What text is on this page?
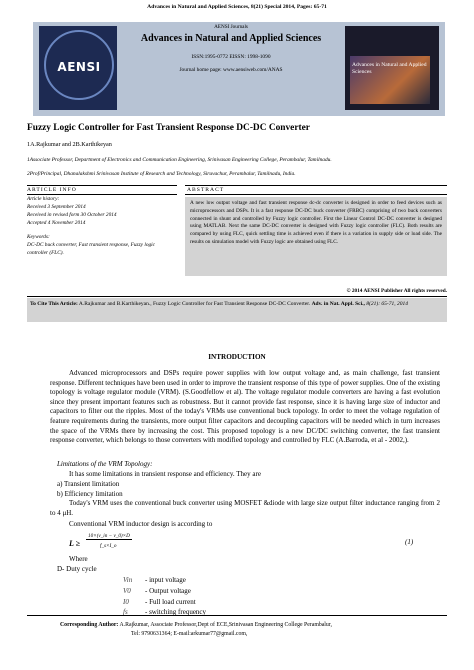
Advances in Natural and Applied Sciences, 8(21) Special 2014, Pages: 65-71
AENSI	Advances in Natural and Applied Sciences
AENSI Journals
Advances in Natural and Applied Sciences
ISSN:1995-0772 EISSN: 1998-1090
Journal home page: www.aensiweb.com/ANAS
Fuzzy Logic Controller for Fast Transient Response DC-DC Converter
1A.Rajkumar and 2B.Karthikeyan
1Associate Professor, Department of Electronics and Communication Engineering, Srinivasan Engineering College, Perambalur, Tamilnadu.
2Prof/Principal, Dhanalakshmi Srinivasan Institute of Research and Technology, Siruvachur, Perambalur, Tamilnadu, India.
ARTICLE INFO
Article history:
Received 3 September 2014
Received in revised form 30 October 2014
Accepted 4 November 2014
Keywords:
DC-DC buck converter, Fast transient response, Fuzzy logic controller (FLC).
ABSTRACT
A new low output voltage and fast transient response dc-dc converter is designed in order to feed devices such as microprocessors and DSPs. It is a fast response DC-DC buck converter (FRBC) comprising of two buck converters connected in shunt and controlled by Fuzzy logic controller. First the Linear Control DC-DC converter is designed using MATLAB. Next the same DC-DC converter is designed with Fuzzy logic controller (FLC). Both results are compared by using FLC, quick settling time is achieved even if there is a variation in supply side or load side. The results on simulation model with Fuzzy logic are obtained using FLC.
© 2014 AENSI Publisher All rights reserved.
To Cite This Article: A.Rajkumar and B.Karthikeyan., Fuzzy Logic Controller for Fast Transient Response DC-DC Converter. Adv. in Nat. Appl. Sci., 8(21): 65-71, 2014
INTRODUCTION
Advanced microprocessors and DSPs require power supplies with low output voltage and, as main challenge, fast transient response. Different techniques have been used in order to improve the transient response of this type of power supplies. One of the existing topology is voltage regulator module (VRM). (S.Goodfellow et al). The voltage regulator module converters are having a fast evolution since they present important features such as robustness. But it cannot provide fast response, since it is having large size of inductor and capacitors to filter out the ripples. Most of the today's VRMs use conventional buck topology. In order to meet the voltage regulation of feature requirements during the transients, more output filter capacitors and decoupling capacitors will be needed which in turn increases the space of the VRMs there by increasing the cost. This proposed topology is a new DC/DC switching converter, the fast transient response converter, which belongs to those converters with modified topology and controlled by FLC (A.Barroda, et al - 2002,).
Limitations of the VRM Topology:
It has some limitations in transient response and efficiency. They are
a) Transient limitation
b) Efficiency limitation
Today's VRM uses the conventional buck converter using MOSFET &diode with large size output filter inductance ranging from 2 to 4 μH.
Conventional VRM inductor design is according to
L ≥
10×(v_in − v_0)×D
f_s×I_o	(1)
Where
D- Duty cycle
Vin - input voltage
V0 - Output voltage
I0 - Full load current
fs - switching frequency
Corresponding Author: A.Rajkumar, Associate Professor,Dept of ECE,Srinivasan Engineering College Perambalur,
Tel: 9790631364; E-mail:arkumar77@gmail.com,
